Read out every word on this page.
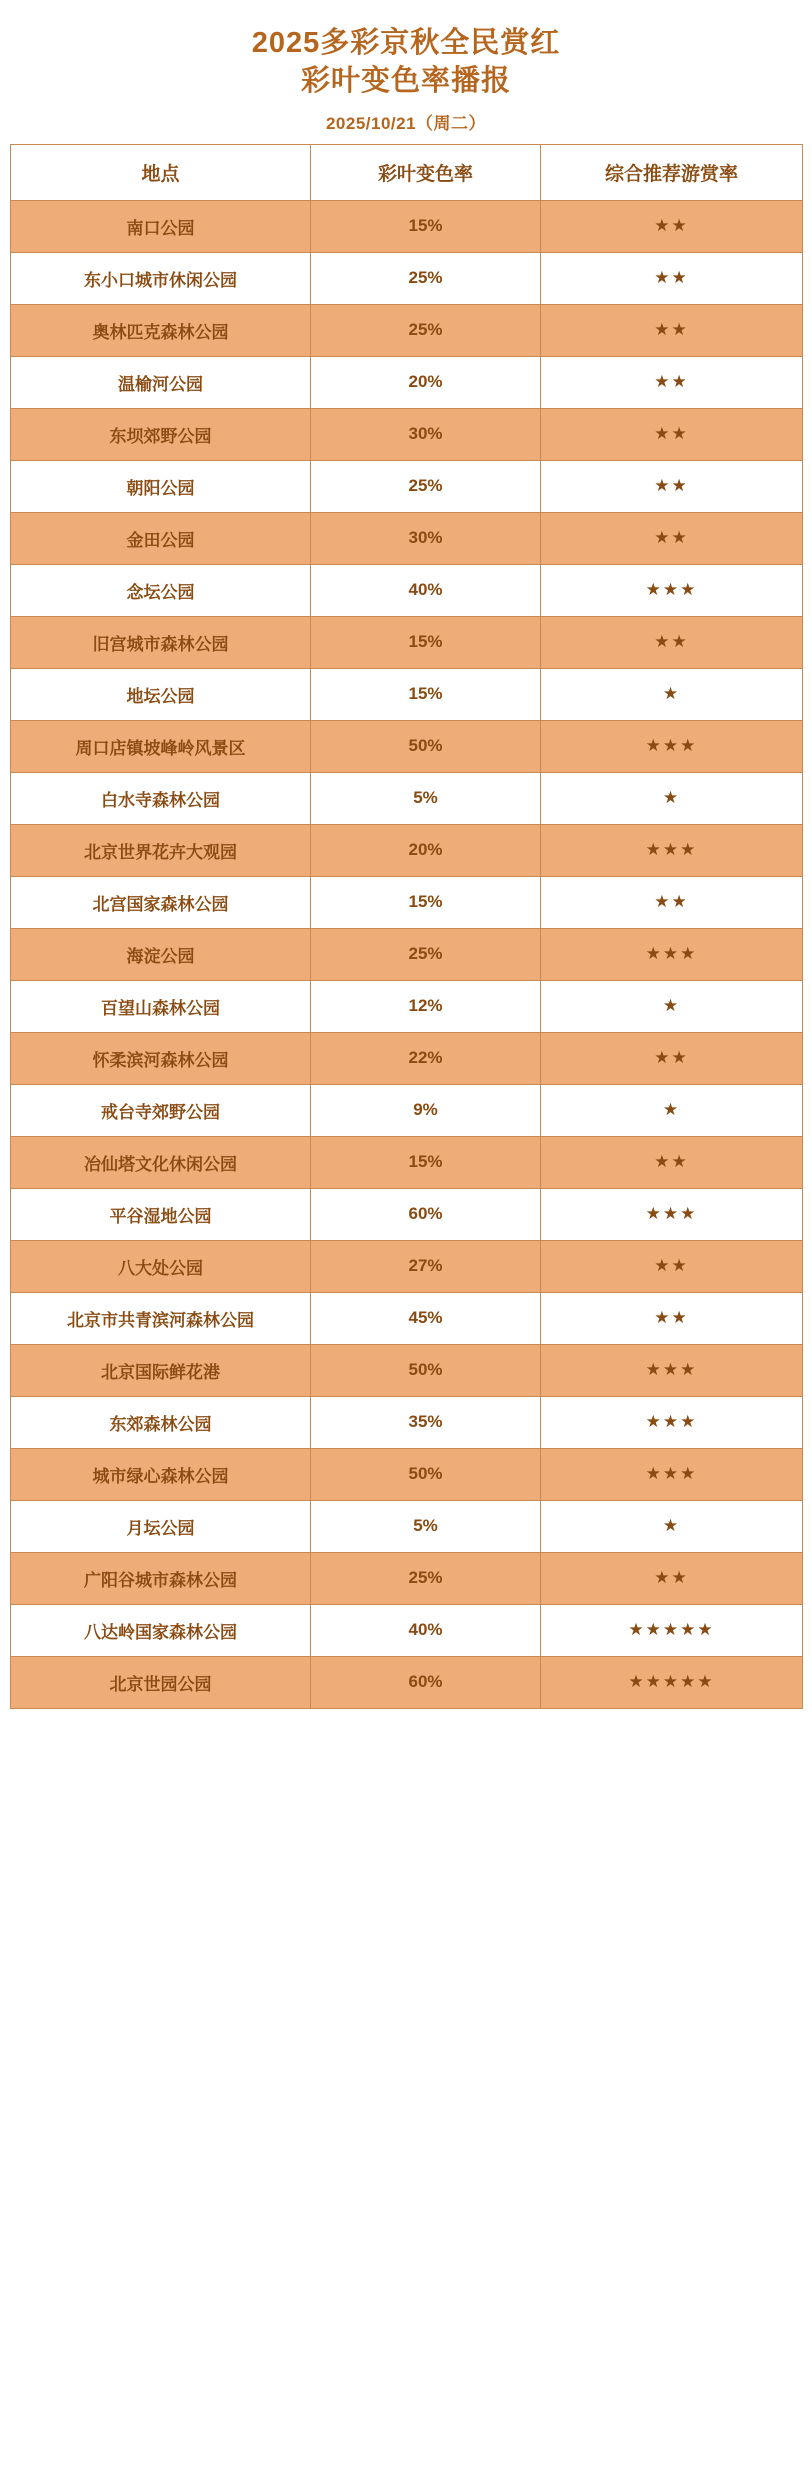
2025多彩京秋全民赏红
彩叶变色率播报
2025/10/21（周二）
地点	彩叶变色率	综合推荐游赏率
南口公园	15%	★★
东小口城市休闲公园	25%	★★
奥林匹克森林公园	25%	★★
温榆河公园	20%	★★
东坝郊野公园	30%	★★
朝阳公园	25%	★★
金田公园	30%	★★
念坛公园	40%	★★★
旧宫城市森林公园	15%	★★
地坛公园	15%	★
周口店镇坡峰岭风景区	50%	★★★
白水寺森林公园	5%	★
北京世界花卉大观园	20%	★★★
北宫国家森林公园	15%	★★
海淀公园	25%	★★★
百望山森林公园	12%	★
怀柔滨河森林公园	22%	★★
戒台寺郊野公园	9%	★
冶仙塔文化休闲公园	15%	★★
平谷湿地公园	60%	★★★
八大处公园	27%	★★
北京市共青滨河森林公园	45%	★★
北京国际鲜花港	50%	★★★
东郊森林公园	35%	★★★
城市绿心森林公园	50%	★★★
月坛公园	5%	★
广阳谷城市森林公园	25%	★★
八达岭国家森林公园	40%	★★★★★
北京世园公园	60%	★★★★★
